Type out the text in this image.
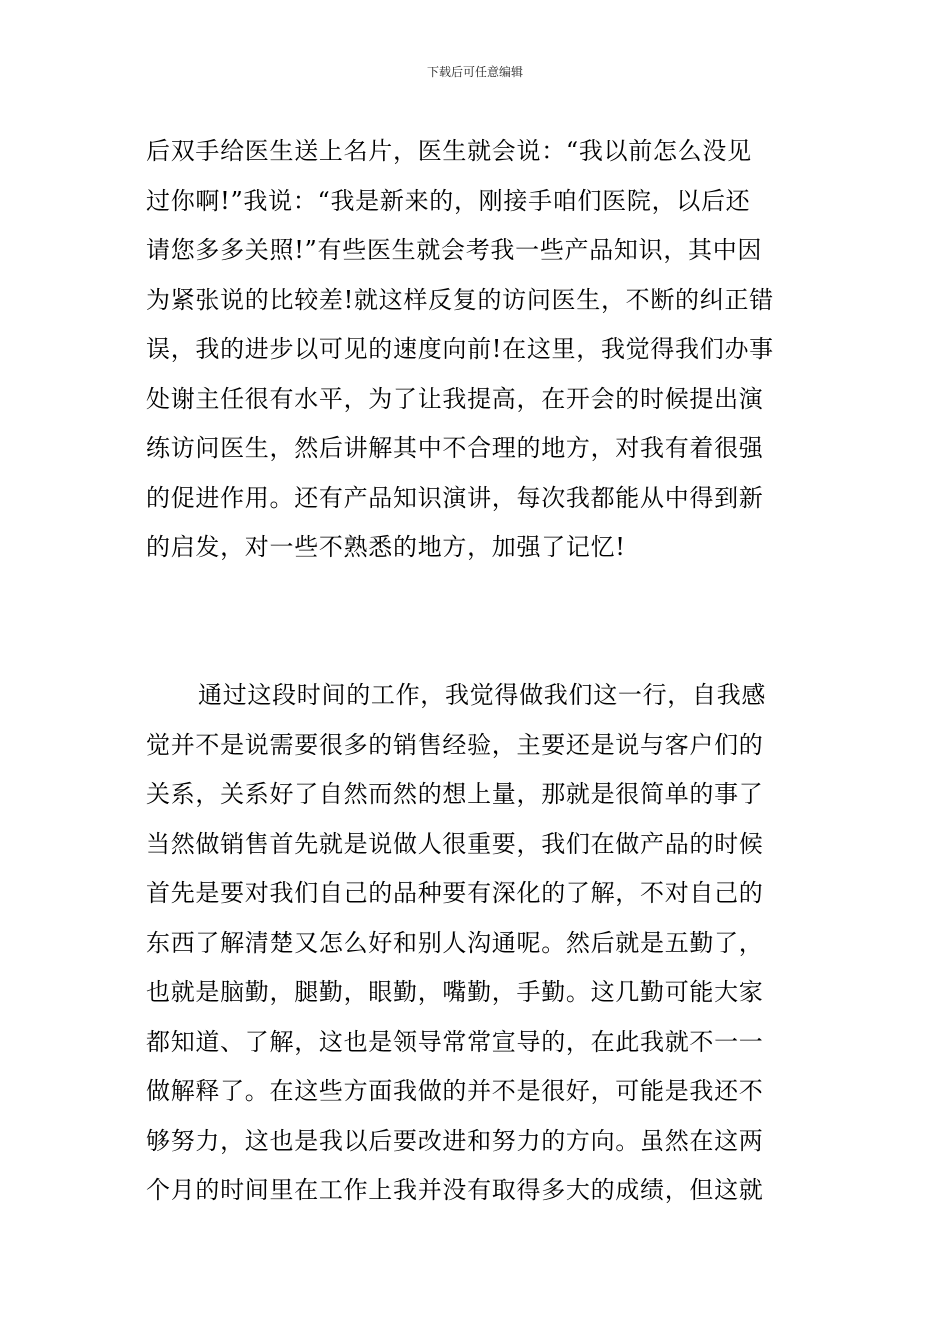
下载后可任意编辑
后双手给医生送上名片，医生就会说：“我以前怎么没见
过你啊!”我说：“我是新来的，刚接手咱们医院，以后还
请您多多关照!”有些医生就会考我一些产品知识，其中因
为紧张说的比较差!就这样反复的访问医生，不断的纠正错
误，我的进步以可见的速度向前!在这里，我觉得我们办事
处谢主任很有水平，为了让我提高，在开会的时候提出演
练访问医生，然后讲解其中不合理的地方，对我有着很强
的促进作用。还有产品知识演讲，每次我都能从中得到新
的启发，对一些不熟悉的地方，加强了记忆!
通过这段时间的工作，我觉得做我们这一行，自我感
觉并不是说需要很多的销售经验，主要还是说与客户们的
关系，关系好了自然而然的想上量，那就是很简单的事了
当然做销售首先就是说做人很重要，我们在做产品的时候
首先是要对我们自己的品种要有深化的了解，不对自己的
东西了解清楚又怎么好和别人沟通呢。然后就是五勤了，
也就是脑勤，腿勤，眼勤，嘴勤，手勤。这几勤可能大家
都知道、了解，这也是领导常常宣导的，在此我就不一一
做解释了。在这些方面我做的并不是很好，可能是我还不
够努力，这也是我以后要改进和努力的方向。虽然在这两
个月的时间里在工作上我并没有取得多大的成绩，但这就
